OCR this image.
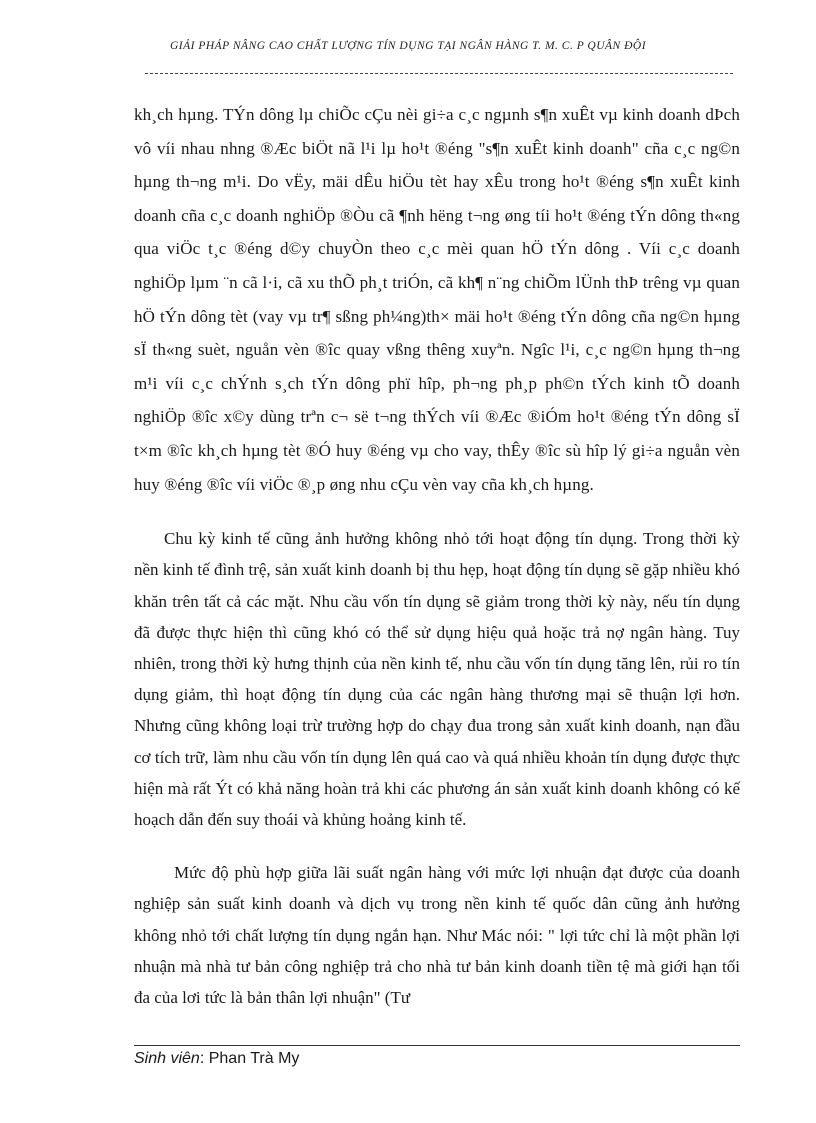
GIẢI PHÁP NÂNG CAO CHẤT LƯỢNG TÍN DỤNG TẠI NGÂN HÀNG T. M. C. P QUÂN ĐỘI

kh¸ch hµng. TÝn dông lµ chiÕc cÇu nèi gi÷a c¸c ngµnh s¶n xuÊt vµ kinh doanh dÞch vô víi nhau nhng ®Æc biÖt nã l¹i lµ ho¹t ®éng "s¶n xuÊt kinh doanh" cña c¸c ng©n hµng th¬ng m¹i. Do vËy, mäi dÊu hiÖu tèt hay xÊu trong ho¹t ®éng s¶n xuÊt kinh doanh cña c¸c doanh nghiÖp ®Òu cã ¶nh hëng t¬ng øng tíi ho¹t ®éng tÝn dông th«ng qua viÖc t¸c ®éng d©y chuyÒn theo c¸c mèi quan hÖ tÝn dông . Víi c¸c doanh nghiÖp lµm ¨n cã l·i, cã xu thÕ ph¸t triÓn, cã kh¶ n¨ng chiÕm lÜnh thÞ trêng vµ quan hÖ tÝn dông tèt (vay vµ tr¶ sßng ph¼ng)th× mäi ho¹t ®éng tÝn dông cña ng©n hµng sÏ th«ng suèt, nguån vèn ®îc quay vßng thêng xuyªn. Ngîc l¹i, c¸c ng©n hµng th¬ng m¹i víi c¸c chÝnh s¸ch tÝn dông phï hîp, ph¬ng ph¸p ph©n tÝch kinh tÕ doanh nghiÖp ®îc x©y dùng trªn c¬ së t¬ng thÝch víi ®Æc ®iÓm ho¹t ®éng tÝn dông sÏ t×m ®îc kh¸ch hµng tèt ®Ó huy ®éng vµ cho vay, thÊy ®îc sù hîp lý gi÷a nguån vèn huy ®éng ®îc víi viÖc ®¸p øng nhu cÇu vèn vay cña kh¸ch hµng.

Chu kỳ kinh tế cũng ảnh hưởng không nhỏ tới hoạt động tín dụng. Trong thời kỳ nền kinh tế đình trệ, sản xuất kinh doanh bị thu hẹp, hoạt động tín dụng sẽ gặp nhiều khó khăn trên tất cả các mặt. Nhu cầu vốn tín dụng sẽ giảm trong thời kỳ này, nếu tín dụng đã được thực hiện thì cũng khó có thể sử dụng hiệu quả hoặc trả nợ ngân hàng. Tuy nhiên, trong thời kỳ hưng thịnh của nền kinh tế, nhu cầu vốn tín dụng tăng lên, rủi ro tín dụng giảm, thì hoạt động tín dụng của các ngân hàng thương mại sẽ thuận lợi hơn. Nhưng cũng không loại trừ trường hợp do chạy đua trong sản xuất kinh doanh, nạn đầu cơ tích trữ, làm nhu cầu vốn tín dụng lên quá cao và quá nhiều khoản tín dụng được thực hiện mà rất Ýt có khả năng hoàn trả khi các phương án sản xuất kinh doanh không có kế hoạch dẫn đến suy thoái và khủng hoảng kinh tế.

Mức độ phù hợp giữa lãi suất ngân hàng với mức lợi nhuận đạt được của doanh nghiệp sản suất kinh doanh và dịch vụ trong nền kinh tế quốc dân cũng ảnh hưởng không nhỏ tới chất lượng tín dụng ngắn hạn. Như Mác nói: " lợi tức chỉ là một phần lợi nhuận mà nhà tư bản công nghiệp trả cho nhà tư bản kinh doanh tiền tệ mà giới hạn tối đa của lơi tức là bản thân lợi nhuận" (Tư

Sinh viên: Phan Trà My
